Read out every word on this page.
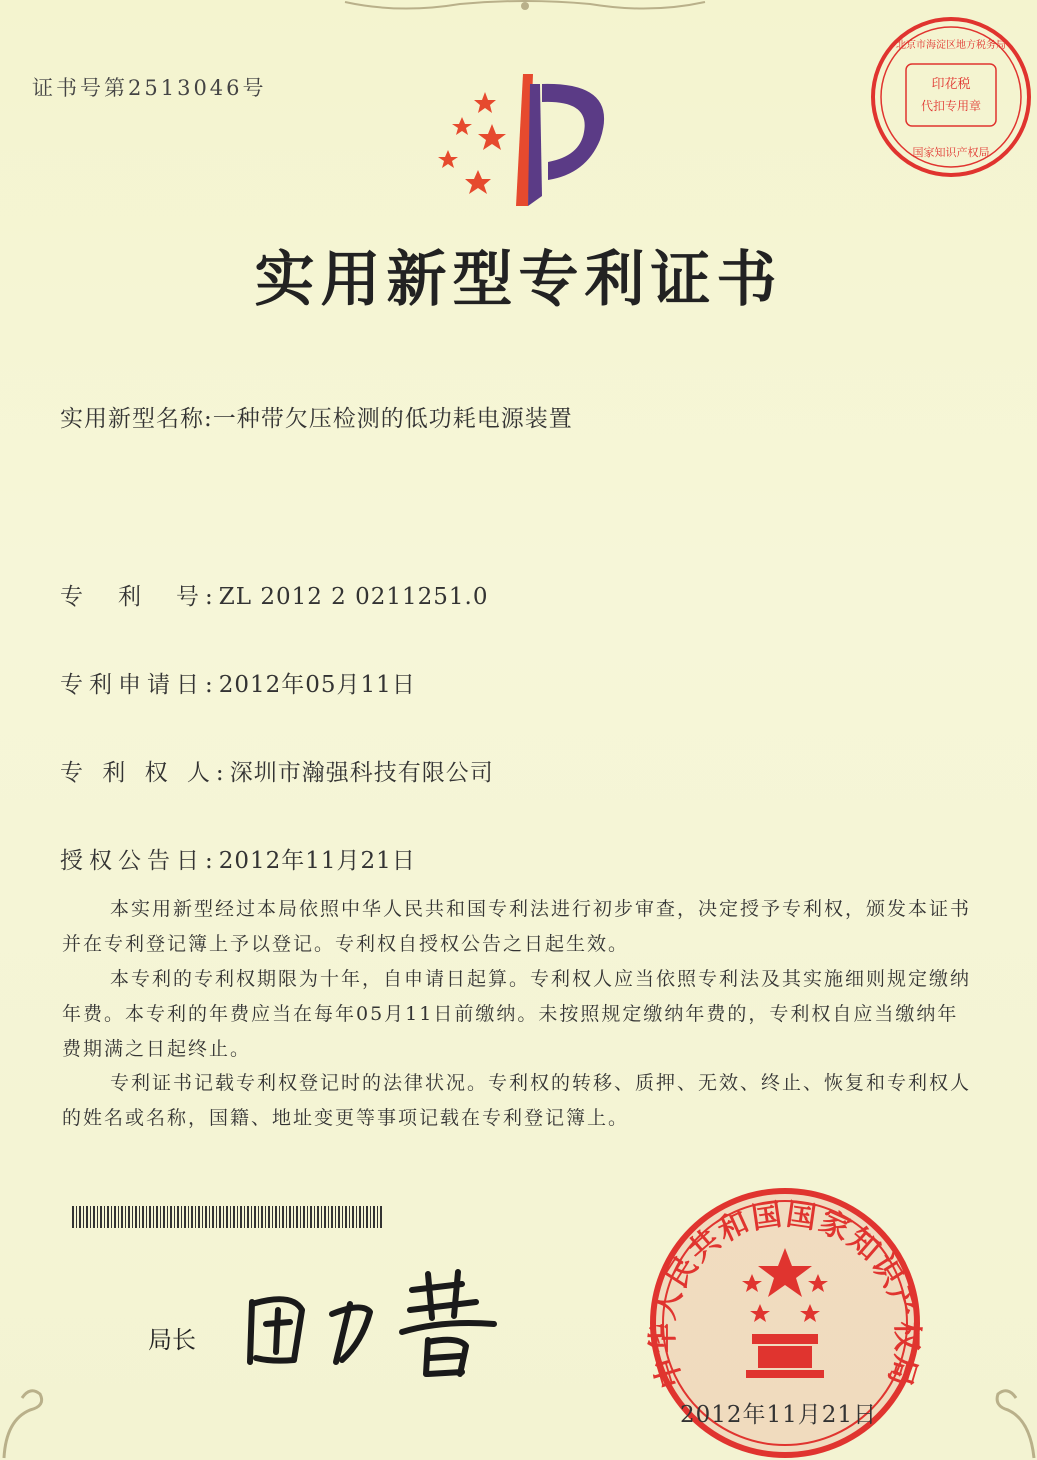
证书号第2513046号	印花税
代扣专用章
北京市海淀区地方税务局
国家知识产权局
实用新型专利证书
实用新型名称:一种带欠压检测的低功耗电源装置
专　利　号:ZL 2012 2 0211251.0
专利申请日:2012年05月11日
专 利 权 人:深圳市瀚强科技有限公司
授权公告日:2012年11月21日
本实用新型经过本局依照中华人民共和国专利法进行初步审查，决定授予专利权，颁发本证书并在专利登记簿上予以登记。专利权自授权公告之日起生效。
本专利的专利权期限为十年，自申请日起算。专利权人应当依照专利法及其实施细则规定缴纳年费。本专利的年费应当在每年05月11日前缴纳。未按照规定缴纳年费的，专利权自应当缴纳年费期满之日起终止。
专利证书记载专利权登记时的法律状况。专利权的转移、质押、无效、终止、恢复和专利权人的姓名或名称，国籍、地址变更等事项记载在专利登记簿上。
局长
中华人民共和国国家知识产权局
2012年11月21日
